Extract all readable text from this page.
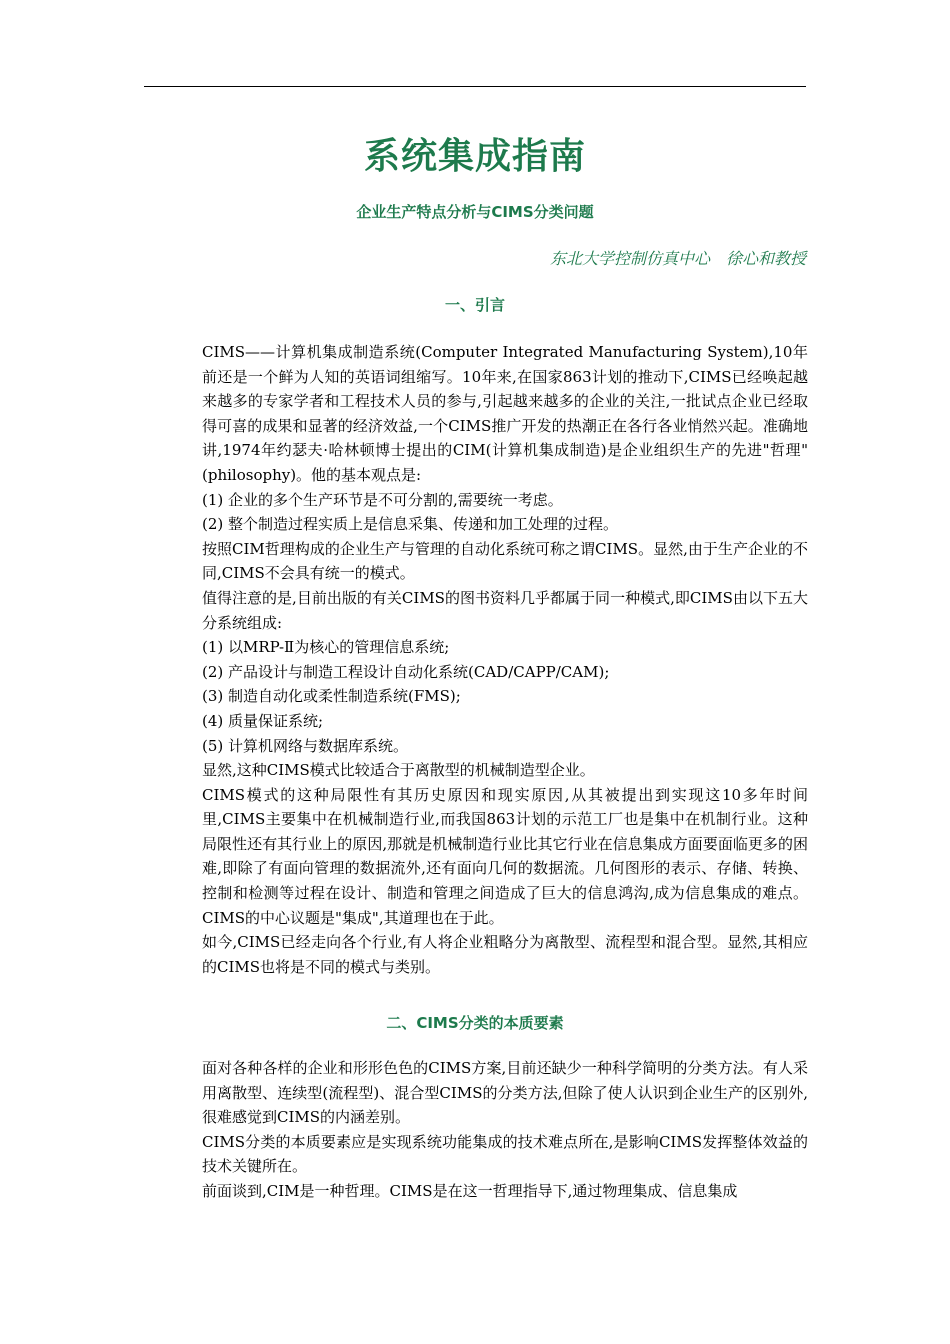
系统集成指南
企业生产特点分析与CIMS分类问题
东北大学控制仿真中心　徐心和教授
一、引言

CIMS——计算机集成制造系统(Computer Integrated Manufacturing System),10年前还是一个鲜为人知的英语词组缩写。10年来,在国家863计划的推动下,CIMS已经唤起越来越多的专家学者和工程技术人员的参与,引起越来越多的企业的关注,一批试点企业已经取得可喜的成果和显著的经济效益,一个CIMS推广开发的热潮正在各行各业悄然兴起。准确地讲,1974年约瑟夫·哈林顿博士提出的CIM(计算机集成制造)是企业组织生产的先进"哲理"(philosophy)。他的基本观点是:

(1) 企业的多个生产环节是不可分割的,需要统一考虑。

(2) 整个制造过程实质上是信息采集、传递和加工处理的过程。

按照CIM哲理构成的企业生产与管理的自动化系统可称之谓CIMS。显然,由于生产企业的不同,CIMS不会具有统一的模式。

值得注意的是,目前出版的有关CIMS的图书资料几乎都属于同一种模式,即CIMS由以下五大分系统组成:

(1) 以MRP-Ⅱ为核心的管理信息系统;

(2) 产品设计与制造工程设计自动化系统(CAD/CAPP/CAM);

(3) 制造自动化或柔性制造系统(FMS);

(4) 质量保证系统;

(5) 计算机网络与数据库系统。

显然,这种CIMS模式比较适合于离散型的机械制造型企业。

CIMS模式的这种局限性有其历史原因和现实原因,从其被提出到实现这10多年时间里,CIMS主要集中在机械制造行业,而我国863计划的示范工厂也是集中在机制行业。这种局限性还有其行业上的原因,那就是机械制造行业比其它行业在信息集成方面要面临更多的困难,即除了有面向管理的数据流外,还有面向几何的数据流。几何图形的表示、存储、转换、控制和检测等过程在设计、制造和管理之间造成了巨大的信息鸿沟,成为信息集成的难点。CIMS的中心议题是"集成",其道理也在于此。

如今,CIMS已经走向各个行业,有人将企业粗略分为离散型、流程型和混合型。显然,其相应的CIMS也将是不同的模式与类别。

二、CIMS分类的本质要素

面对各种各样的企业和形形色色的CIMS方案,目前还缺少一种科学简明的分类方法。有人采用离散型、连续型(流程型)、混合型CIMS的分类方法,但除了使人认识到企业生产的区别外,很难感觉到CIMS的内涵差别。

CIMS分类的本质要素应是实现系统功能集成的技术难点所在,是影响CIMS发挥整体效益的技术关键所在。

前面谈到,CIM是一种哲理。CIMS是在这一哲理指导下,通过物理集成、信息集成
